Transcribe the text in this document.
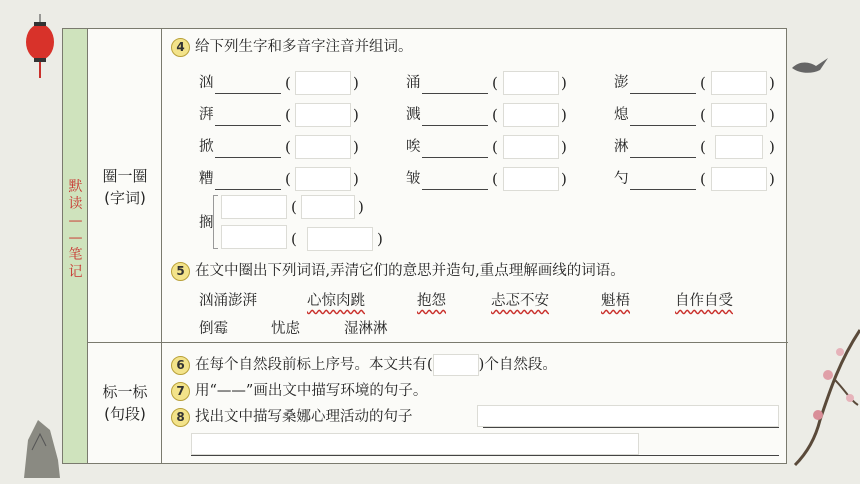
默
读
—
—
笔
记
圈一圈
(字词)
标一标
(句段)
4 给下列生字和多音字注音并组词。
汹	(	)	涌	(	)	澎	(	)
湃	(	)	溅	(	)	熄	(	)
掀	(	)	唉	(	)	淋	(	)
糟	(	)	皱	(	)	勺	(	)
搁
(	)
(	)
5 在文中圈出下列词语,弄清它们的意思并造句,重点理解画线的词语。
汹涌澎湃	心惊肉跳	抱怨	忐忑不安	魁梧	自作自受
倒霉	忧虑	湿淋淋
6 在每个自然段前标上序号。本文共有(	)个自然段。
7 用“——”画出文中描写环境的句子。
8 找出文中描写桑娜心理活动的句子
